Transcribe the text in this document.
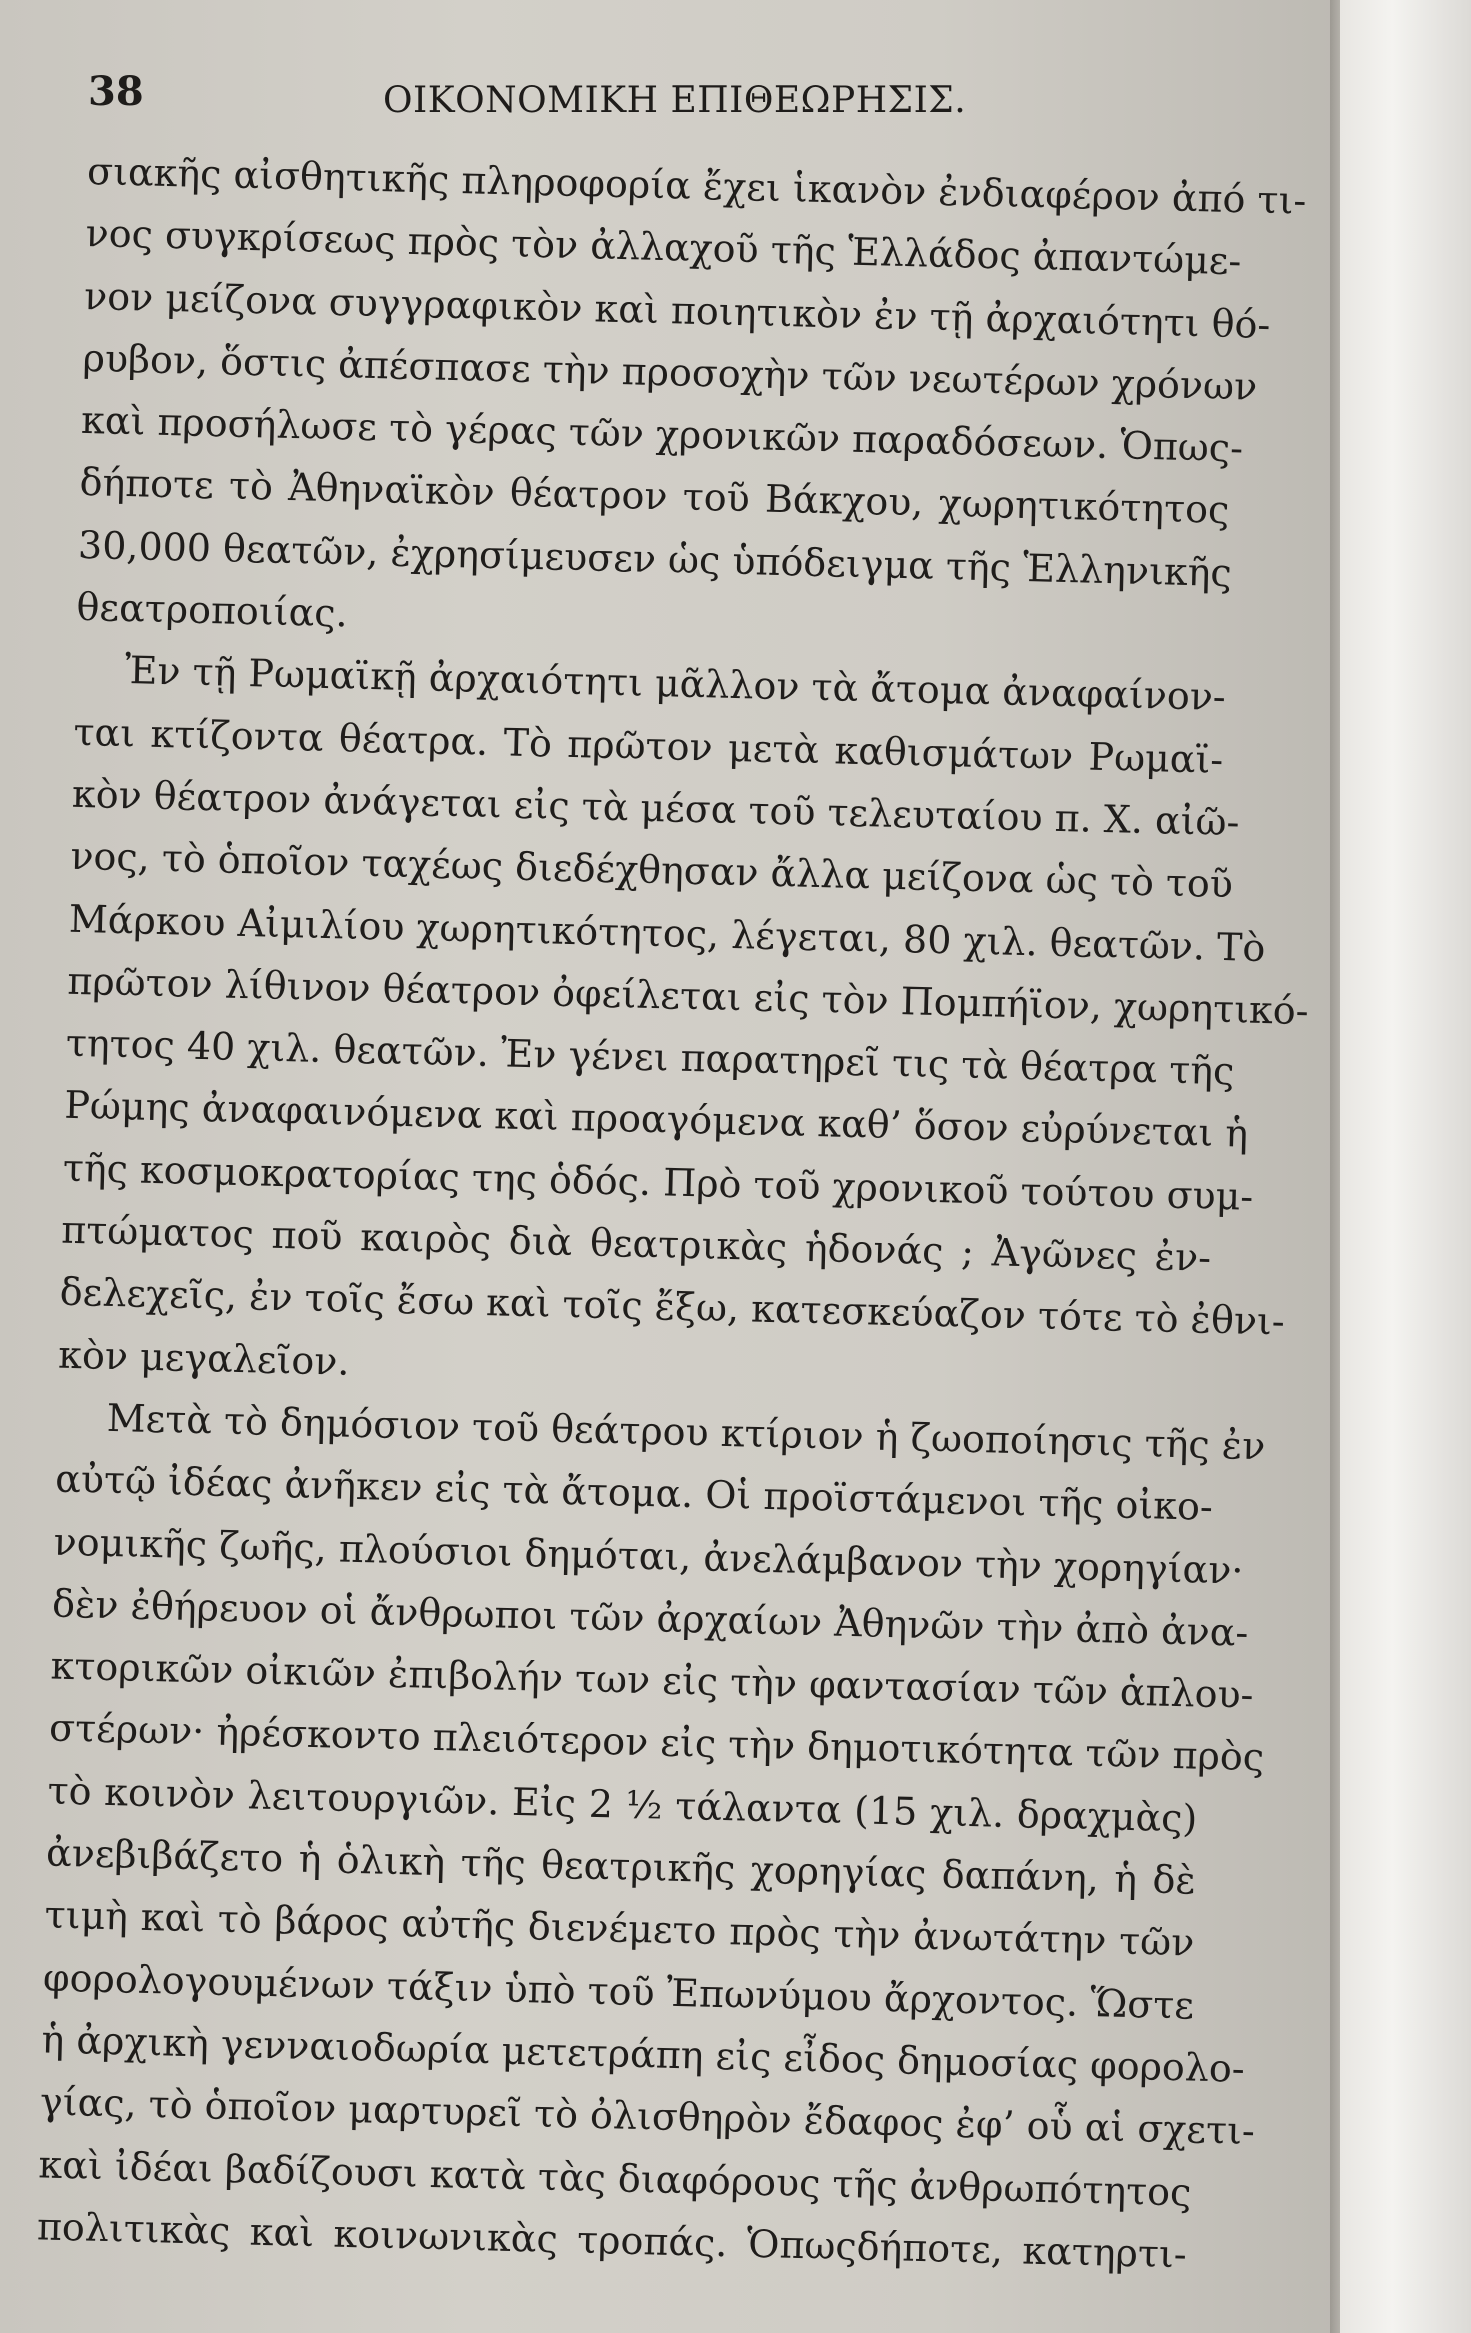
38	ΟΙΚΟΝΟΜΙΚΗ ΕΠΙΘΕΩΡΗΣΙΣ.
σιακῆς αἰσθητικῆς πληροφορία ἔχει ἱκανὸν ἐνδιαφέρον ἀπό τι-
νος συγκρίσεως πρὸς τὸν ἀλλαχοῦ τῆς Ἑλλάδος ἀπαντώμε-
νον μείζονα συγγραφικὸν καὶ ποιητικὸν ἐν τῇ ἀρχαιότητι θό-
ρυβον, ὅστις ἀπέσπασε τὴν προσοχὴν τῶν νεωτέρων χρόνων
καὶ προσήλωσε τὸ γέρας τῶν χρονικῶν παραδόσεων. Ὁπως-
δήποτε τὸ Ἀθηναϊκὸν θέατρον τοῦ Βάκχου, χωρητικότητος
30,000 θεατῶν, ἐχρησίμευσεν ὡς ὑπόδειγμα τῆς Ἑλληνικῆς
θεατροποιίας.
Ἐν τῇ Ρωμαϊκῇ ἀρχαιότητι μᾶλλον τὰ ἄτομα ἀναφαίνον-
ται κτίζοντα θέατρα. Τὸ πρῶτον μετὰ καθισμάτων Ρωμαϊ-
κὸν θέατρον ἀνάγεται εἰς τὰ μέσα τοῦ τελευταίου π. Χ. αἰῶ-
νος, τὸ ὁποῖον ταχέως διεδέχθησαν ἄλλα μείζονα ὡς τὸ τοῦ
Μάρκου Αἰμιλίου χωρητικότητος, λέγεται, 80 χιλ. θεατῶν. Τὸ
πρῶτον λίθινον θέατρον ὀφείλεται εἰς τὸν Πομπήϊον, χωρητικό-
τητος 40 χιλ. θεατῶν. Ἐν γένει παρατηρεῖ τις τὰ θέατρα τῆς
Ρώμης ἀναφαινόμενα καὶ προαγόμενα καθ’ ὅσον εὐρύνεται ἡ
τῆς κοσμοκρατορίας της ὁδός. Πρὸ τοῦ χρονικοῦ τούτου συμ-
πτώματος ποῦ καιρὸς διὰ θεατρικὰς ἡδονάς ; Ἀγῶνες ἐν-
δελεχεῖς, ἐν τοῖς ἔσω καὶ τοῖς ἔξω, κατεσκεύαζον τότε τὸ ἐθνι-
κὸν μεγαλεῖον.
Μετὰ τὸ δημόσιον τοῦ θεάτρου κτίριον ἡ ζωοποίησις τῆς ἐν
αὐτῷ ἰδέας ἀνῆκεν εἰς τὰ ἄτομα. Οἱ προϊστάμενοι τῆς οἰκο-
νομικῆς ζωῆς, πλούσιοι δημόται, ἀνελάμβανον τὴν χορηγίαν·
δὲν ἐθήρευον οἱ ἄνθρωποι τῶν ἀρχαίων Ἀθηνῶν τὴν ἀπὸ ἀνα-
κτορικῶν οἰκιῶν ἐπιβολήν των εἰς τὴν φαντασίαν τῶν ἁπλου-
στέρων· ἠρέσκοντο πλειότερον εἰς τὴν δημοτικότητα τῶν πρὸς
τὸ κοινὸν λειτουργιῶν. Εἰς 2 ½ τάλαντα (15 χιλ. δραχμὰς)
ἀνεβιβάζετο ἡ ὁλικὴ τῆς θεατρικῆς χορηγίας δαπάνη, ἡ δὲ
τιμὴ καὶ τὸ βάρος αὐτῆς διενέμετο πρὸς τὴν ἀνωτάτην τῶν
φορολογουμένων τάξιν ὑπὸ τοῦ Ἐπωνύμου ἄρχοντος. Ὥστε
ἡ ἀρχικὴ γενναιοδωρία μετετράπη εἰς εἶδος δημοσίας φορολο-
γίας, τὸ ὁποῖον μαρτυρεῖ τὸ ὀλισθηρὸν ἔδαφος ἐφ’ οὗ αἱ σχετι-
καὶ ἰδέαι βαδίζουσι κατὰ τὰς διαφόρους τῆς ἀνθρωπότητος
πολιτικὰς καὶ κοινωνικὰς τροπάς. Ὁπωςδήποτε, κατηρτι-
